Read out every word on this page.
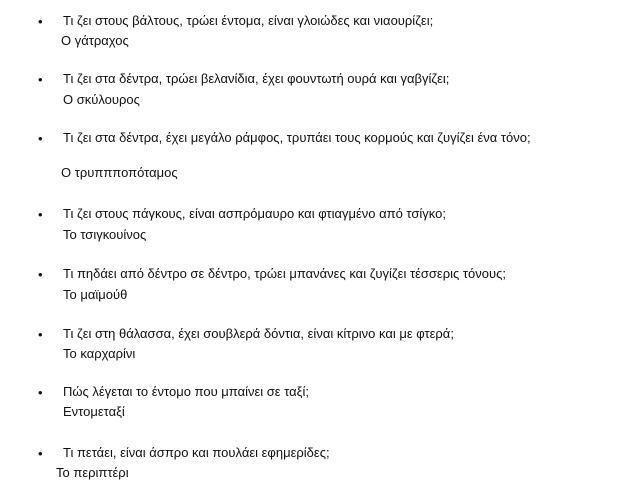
• Τι ζει στους βάλτους, τρώει έντομα, είναι γλοιώδες και νιαουρίζει;
Ο γάτραχος
• Τι ζει στα δέντρα, τρώει βελανίδια, έχει φουντωτή ουρά και γαβγίζει;
Ο σκύλουρος
• Τι ζει στα δέντρα, έχει μεγάλο ράμφος, τρυπάει τους κορμούς και ζυγίζει ένα τόνο;
Ο τρυππποπόταμος
• Τι ζει στους πάγκους, είναι ασπρόμαυρο και φτιαγμένο από τσίγκο;
Το τσιγκουίνος
• Τι πηδάει από δέντρο σε δέντρο, τρώει μπανάνες και ζυγίζει τέσσερις τόνους;
Το μαϊμούθ
• Τι ζει στη θάλασσα, έχει σουβλερά δόντια, είναι κίτρινο και με φτερά;
Το καρχαρίνι
• Πώς λέγεται το έντομο που μπαίνει σε ταξί;
Εντομεταξί
• Τι πετάει, είναι άσπρο και πουλάει εφημερίδες;
Το περιπτέρι
